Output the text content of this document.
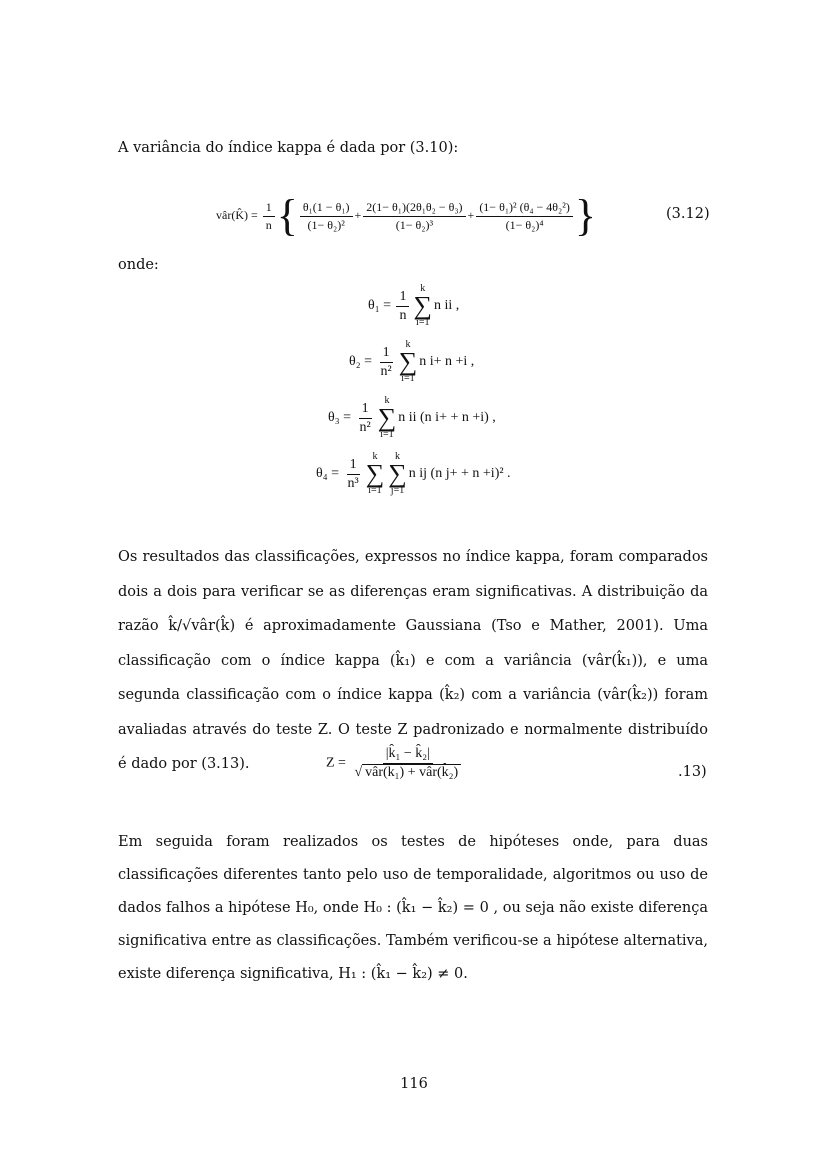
A variância do índice kappa é dada por (3.10):
vâr(K̂) = $\frac{1}{n}$ { $\frac{\text{θ₁(1 − θ₁)}}{\text{(1− θ₂)²}} + \frac{\text{2(1− θ₁)(2θ₁θ₂ − θ₃)}}{\text{(1− θ₂)³}} + \frac{\text{(1− θ₁)² (θ₄ − 4θ₂²)}}{\text{(1− θ₂)⁴}}$ }	(3.12)
onde:
$\theta_1 = \frac{1}{n}$ k
∑
i=1
n ii ,
$\theta_2 = \frac{1}{\text{n²}}$ k
∑
i=1
n i+ n +i ,
$\theta_3 = \frac{1}{\text{n²}}$ k
∑
i=1
n ii (n i+ + n +i) ,
$\theta_4 = \frac{1}{\text{n³}}$ k
∑
i=1
k
∑
j=1
n ij (n j+ + n +i)² .
Os resultados das classificações, expressos no índice kappa, foram comparados dois a dois para verificar se as diferenças eram significativas. A distribuição da razão k̂/√vâr(k̂) é aproximadamente Gaussiana (Tso e Mather, 2001). Uma classificação com o índice kappa (k̂₁) e com a variância (vâr(k̂₁)), e uma segunda classificação com o índice kappa (k̂₂) com a variância (vâr(k̂₂)) foram avaliadas através do teste Z. O teste Z padronizado e normalmente distribuído é dado por (3.13).	$Z = \frac{\text{|k̂₁ − k̂₂|}}{\text{√ vâr(k̂₁) + vâr(k̂₂)}}$	.13)
Em seguida foram realizados os testes de hipóteses onde, para duas classificações diferentes tanto pelo uso de temporalidade, algoritmos ou uso de dados falhos a hipótese H₀, onde H₀ : (k̂₁ − k̂₂) = 0 , ou seja não existe diferença significativa entre as classificações. Também verificou-se a hipótese alternativa, existe diferença significativa, H₁ : (k̂₁ − k̂₂) ≠ 0.
116
